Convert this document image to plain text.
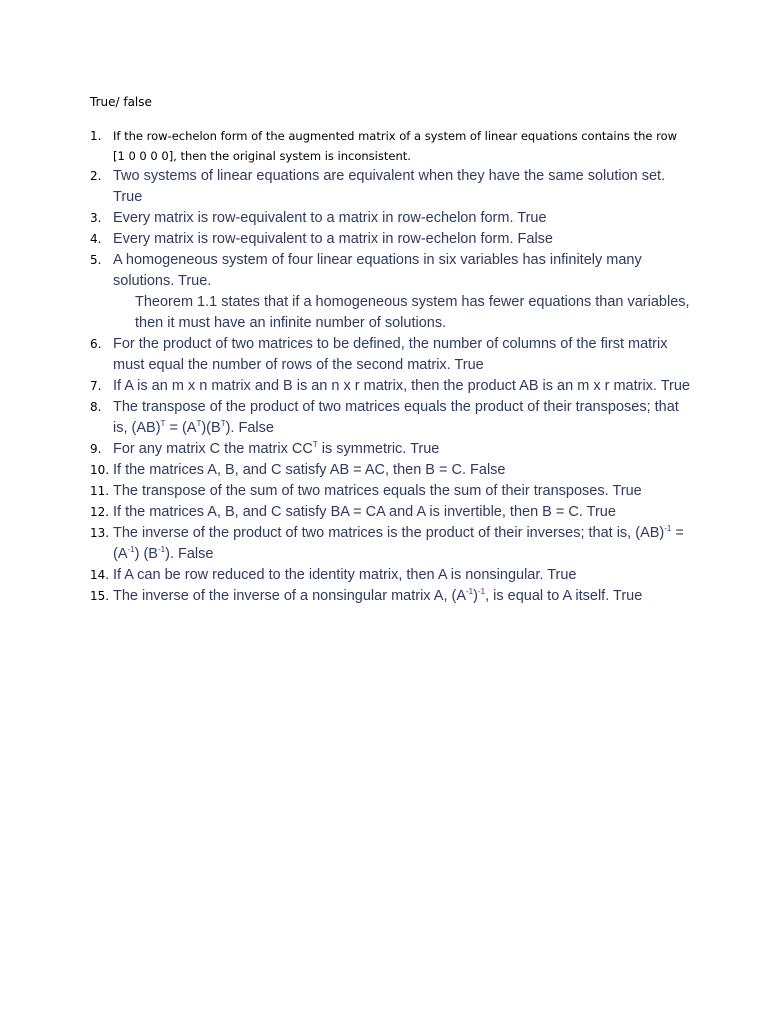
True/ false
1. If the row-echelon form of the augmented matrix of a system of linear equations contains the row [1 0 0 0 0], then the original system is inconsistent.
2. Two systems of linear equations are equivalent when they have the same solution set. True
3. Every matrix is row-equivalent to a matrix in row-echelon form. True
4. Every matrix is row-equivalent to a matrix in row-echelon form. False
5. A homogeneous system of four linear equations in six variables has infinitely many solutions. True.
Theorem 1.1 states that if a homogeneous system has fewer equations than variables, then it must have an infinite number of solutions.
6. For the product of two matrices to be defined, the number of columns of the first matrix must equal the number of rows of the second matrix. True
7. If A is an m x n matrix and B is an n x r matrix, then the product AB is an m x r matrix. True
8. The transpose of the product of two matrices equals the product of their transposes; that is, $(AB)^T = (A^T)(B^T)$. False
9. For any matrix C the matrix $CC^T$ is symmetric. True
10. If the matrices A, B, and C satisfy AB = AC, then B = C. False
11. The transpose of the sum of two matrices equals the sum of their transposes. True
12. If the matrices A, B, and C satisfy BA = CA and A is invertible, then B = C. True
13. The inverse of the product of two matrices is the product of their inverses; that is, $(AB)^{-1} = (A^{-1})$ $(B^{-1})$. False
14. If A can be row reduced to the identity matrix, then A is nonsingular. True
15. The inverse of the inverse of a nonsingular matrix A, $(A^{-1})^{-1}$, is equal to A itself. True
